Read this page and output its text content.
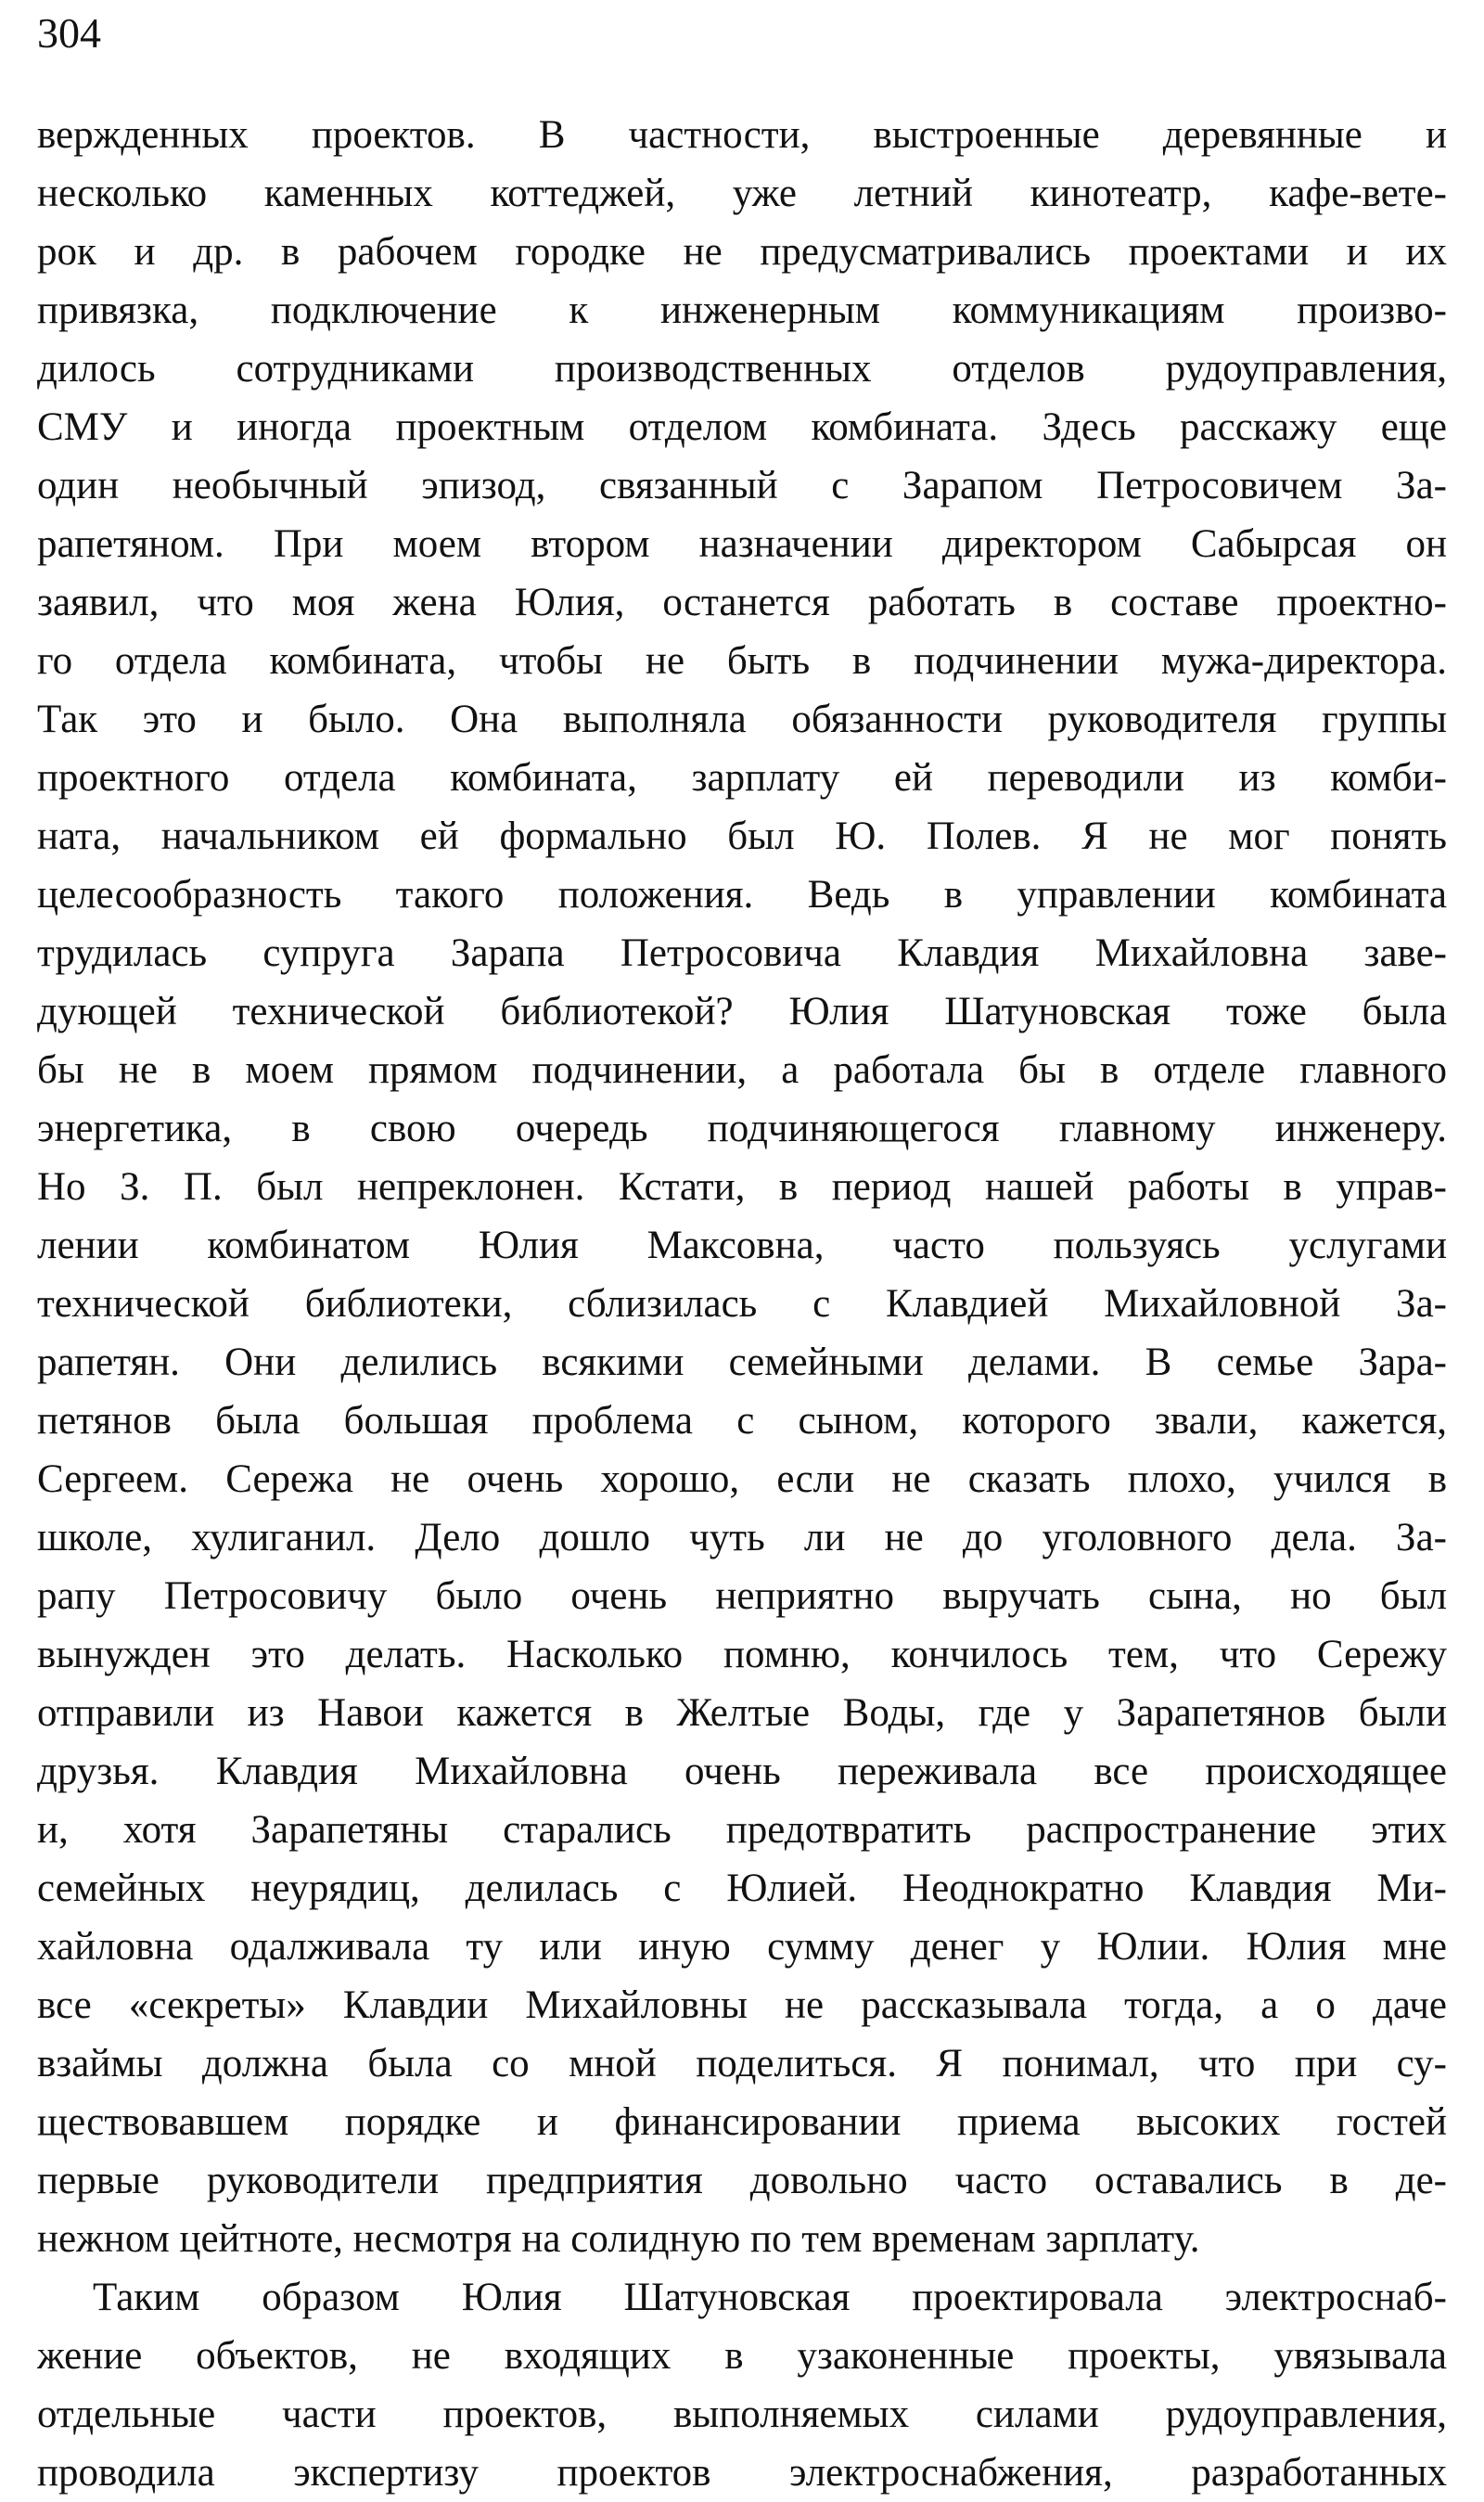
304
вержденных проектов. В частности, выстроенные деревянные и
несколько каменных коттеджей, уже летний кинотеатр, кафе-вете-
рок и др. в рабочем городке не предусматривались проектами и их
привязка, подключение к инженерным коммуникациям произво-
дилось сотрудниками производственных отделов рудоуправления,
СМУ и иногда проектным отделом комбината. Здесь расскажу еще
один необычный эпизод, связанный с Зарапом Петросовичем За-
рапетяном. При моем втором назначении директором Сабырсая он
заявил, что моя жена Юлия, останется работать в составе проектно-
го отдела комбината, чтобы не быть в подчинении мужа-директора.
Так это и было. Она выполняла обязанности руководителя группы
проектного отдела комбината, зарплату ей переводили из комби-
ната, начальником ей формально был Ю. Полев. Я не мог понять
целесообразность такого положения. Ведь в управлении комбината
трудилась супруга Зарапа Петросовича Клавдия Михайловна заве-
дующей технической библиотекой? Юлия Шатуновская тоже была
бы не в моем прямом подчинении, а работала бы в отделе главного
энергетика, в свою очередь подчиняющегося главному инженеру.
Но З. П. был непреклонен. Кстати, в период нашей работы в управ-
лении комбинатом Юлия Максовна, часто пользуясь услугами
технической библиотеки, сблизилась с Клавдией Михайловной За-
рапетян. Они делились всякими семейными делами. В семье Зара-
петянов была большая проблема с сыном, которого звали, кажется,
Сергеем. Сережа не очень хорошо, если не сказать плохо, учился в
школе, хулиганил. Дело дошло чуть ли не до уголовного дела. За-
рапу Петросовичу было очень неприятно выручать сына, но был
вынужден это делать. Насколько помню, кончилось тем, что Сережу
отправили из Навои кажется в Желтые Воды, где у Зарапетянов были
друзья. Клавдия Михайловна очень переживала все происходящее
и, хотя Зарапетяны старались предотвратить распространение этих
семейных неурядиц, делилась с Юлией. Неоднократно Клавдия Ми-
хайловна одалживала ту или иную сумму денег у Юлии. Юлия мне
все «секреты» Клавдии Михайловны не рассказывала тогда, а о даче
взаймы должна была со мной поделиться. Я понимал, что при су-
ществовавшем порядке и финансировании приема высоких гостей
первые руководители предприятия довольно часто оставались в де-
нежном цейтноте, несмотря на солидную по тем временам зарплату.
Таким образом Юлия Шатуновская проектировала электроснаб-
жение объектов, не входящих в узаконенные проекты, увязывала
отдельные части проектов, выполняемых силами рудоуправления,
проводила экспертизу проектов электроснабжения, разработанных
